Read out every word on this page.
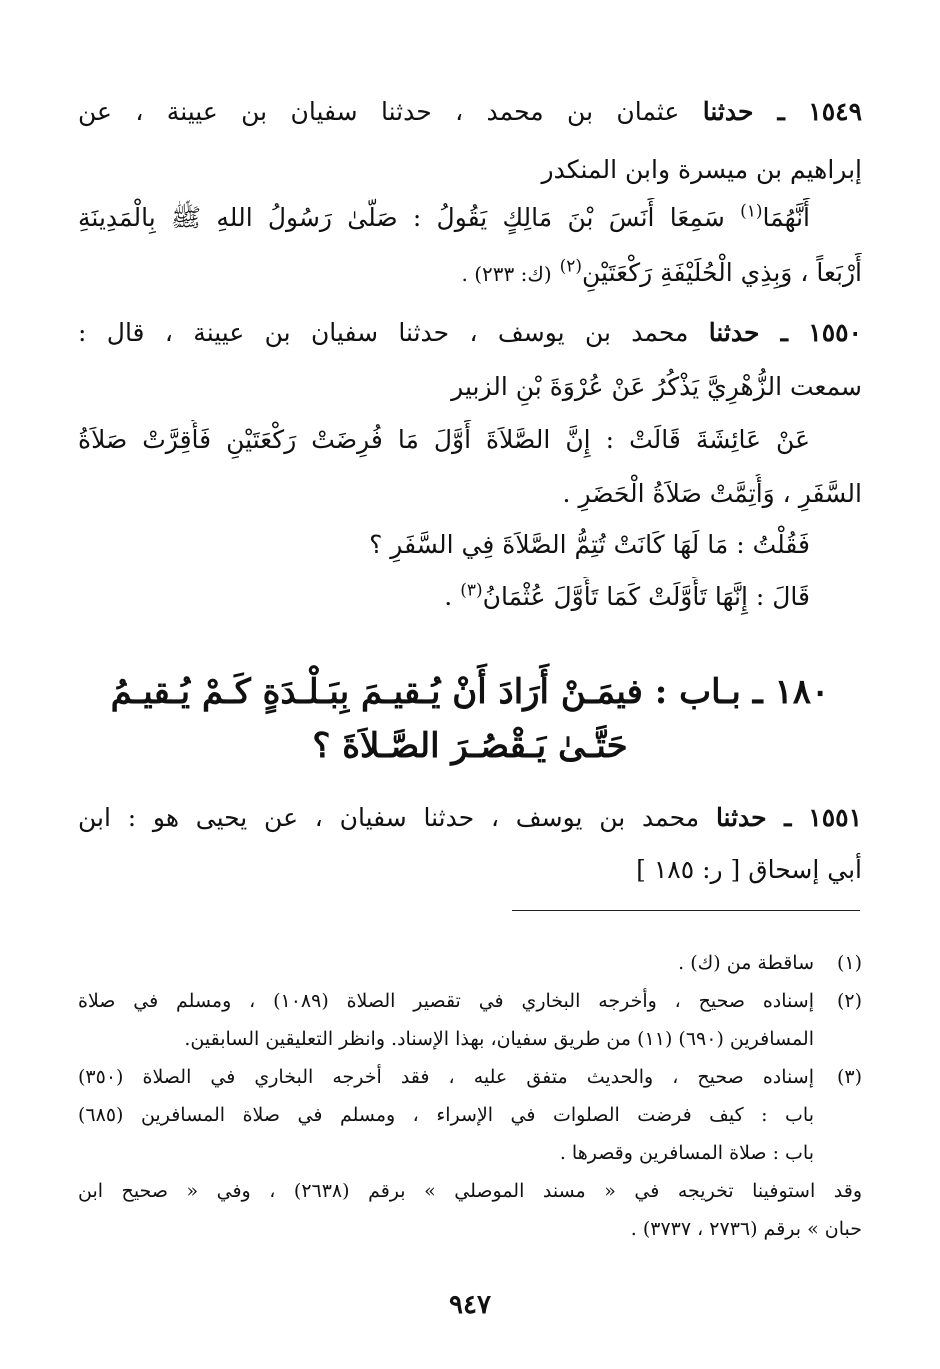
١٥٤٩ ـ حدثنا عثمان بن محمد ، حدثنا سفيان بن عيينة ، عن
إبراهيم بن ميسرة وابن المنكدر
أَنَّهُمَا$^{(١)}$ سَمِعَا أَنَسَ بْنَ مَالِكٍ يَقُولُ : صَلَّىٰ رَسُولُ اللهِ ﷺ بِالْمَدِينَةِ
أَرْبَعاً ، وَبِذِي الْحُلَيْفَةِ رَكْعَتَيْنِ$^{(٢)}$ (ك: ٢٣٣) .
١٥٥٠ ـ حدثنا محمد بن يوسف ، حدثنا سفيان بن عيينة ، قال :
سمعت الزُّهْرِيَّ يَذْكُرُ عَنْ عُرْوَةَ بْنِ الزبير
عَنْ عَائِشَةَ قَالَتْ : إِنَّ الصَّلاَةَ أَوَّلَ مَا فُرِضَتْ رَكْعَتَيْنِ فَأُقِرَّتْ صَلاَةُ
السَّفَرِ ، وَأُتِمَّتْ صَلاَةُ الْحَضَرِ .
فَقُلْتُ : مَا لَهَا كَانَتْ تُتِمُّ الصَّلاَةَ فِي السَّفَرِ ؟
قَالَ : إِنَّهَا تَأَوَّلَتْ كَمَا تَأَوَّلَ عُثْمَانُ$^{(٣)}$ .
١٨٠ ـ بـاب : فيمَـنْ أَرَادَ أَنْ يُـقيـمَ بِبَـلْـدَةٍ كَـمْ يُـقيـمُ
حَتَّـىٰ يَـقْصُـرَ الصَّـلاَةَ ؟
١٥٥١ ـ حدثنا محمد بن يوسف ، حدثنا سفيان ، عن يحيى هو : ابن
أبي إسحاق [ ر: ١٨٥ ]
(١)
ساقطة من (ك) .
(٢)
إسناده صحيح ، وأخرجه البخاري في تقصير الصلاة (١٠٨٩) ، ومسلم في صلاة
المسافرين (٦٩٠) (١١) من طريق سفيان، بهذا الإسناد. وانظر التعليقين السابقين.
(٣)
إسناده صحيح ، والحديث متفق عليه ، فقد أخرجه البخاري في الصلاة (٣٥٠)
باب : كيف فرضت الصلوات في الإسراء ، ومسلم في صلاة المسافرين (٦٨٥)
باب : صلاة المسافرين وقصرها .
وقد استوفينا تخريجه في « مسند الموصلي » برقم (٢٦٣٨) ، وفي « صحيح ابن
حبان » برقم (٢٧٣٦ ، ٣٧٣٧) .
٩٤٧
